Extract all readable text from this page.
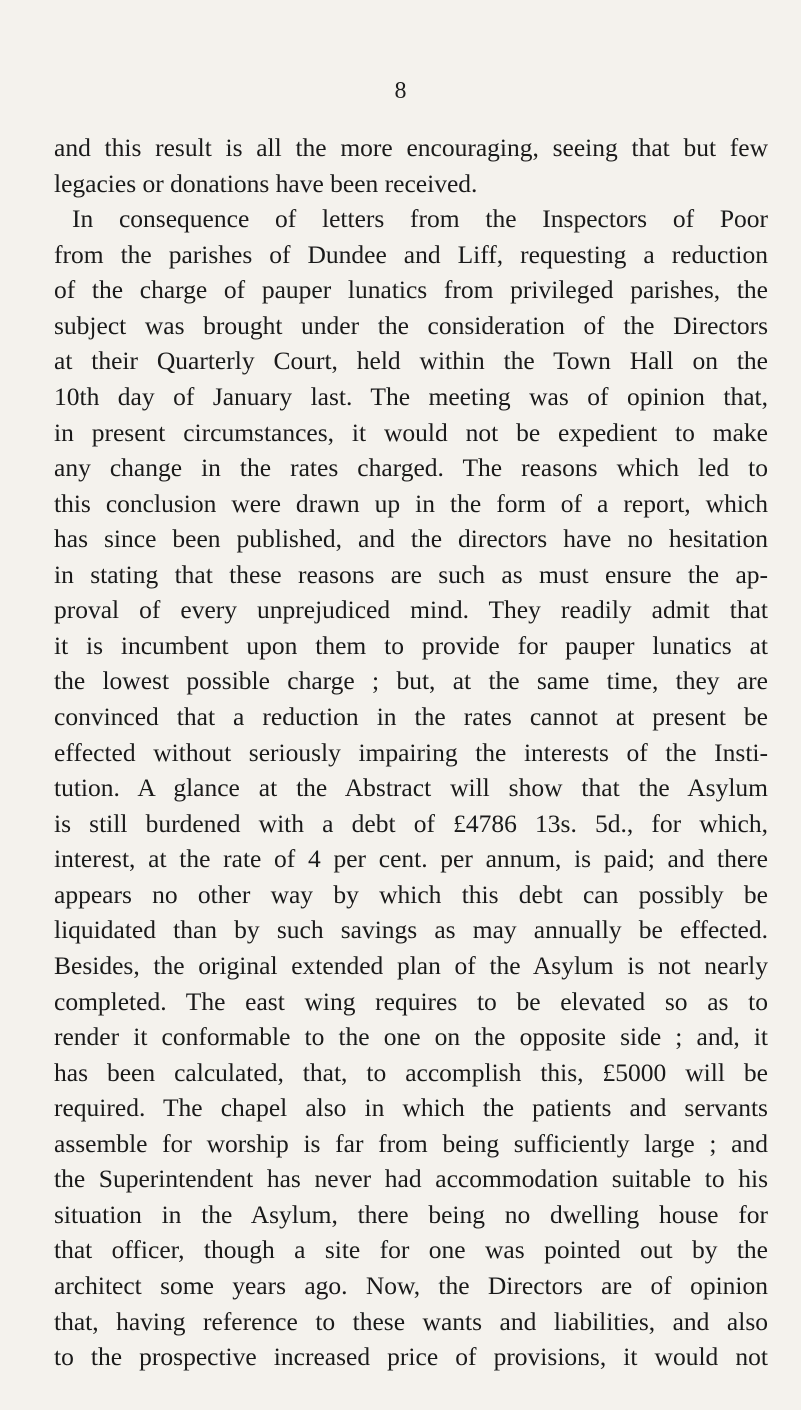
8
and this result is all the more encouraging, seeing that but few
legacies or donations have been received.
In consequence of letters from the Inspectors of Poor
from the parishes of Dundee and Liff, requesting a reduction
of the charge of pauper lunatics from privileged parishes, the
subject was brought under the consideration of the Directors
at their Quarterly Court, held within the Town Hall on the
10th day of January last. The meeting was of opinion that,
in present circumstances, it would not be expedient to make
any change in the rates charged. The reasons which led to
this conclusion were drawn up in the form of a report, which
has since been published, and the directors have no hesitation
in stating that these reasons are such as must ensure the ap-
proval of every unprejudiced mind. They readily admit that
it is incumbent upon them to provide for pauper lunatics at
the lowest possible charge ; but, at the same time, they are
convinced that a reduction in the rates cannot at present be
effected without seriously impairing the interests of the Insti-
tution. A glance at the Abstract will show that the Asylum
is still burdened with a debt of £4786 13s. 5d., for which,
interest, at the rate of 4 per cent. per annum, is paid; and there
appears no other way by which this debt can possibly be
liquidated than by such savings as may annually be effected.
Besides, the original extended plan of the Asylum is not nearly
completed. The east wing requires to be elevated so as to
render it conformable to the one on the opposite side ; and, it
has been calculated, that, to accomplish this, £5000 will be
required. The chapel also in which the patients and servants
assemble for worship is far from being sufficiently large ; and
the Superintendent has never had accommodation suitable to his
situation in the Asylum, there being no dwelling house for
that officer, though a site for one was pointed out by the
architect some years ago. Now, the Directors are of opinion
that, having reference to these wants and liabilities, and also
to the prospective increased price of provisions, it would not
